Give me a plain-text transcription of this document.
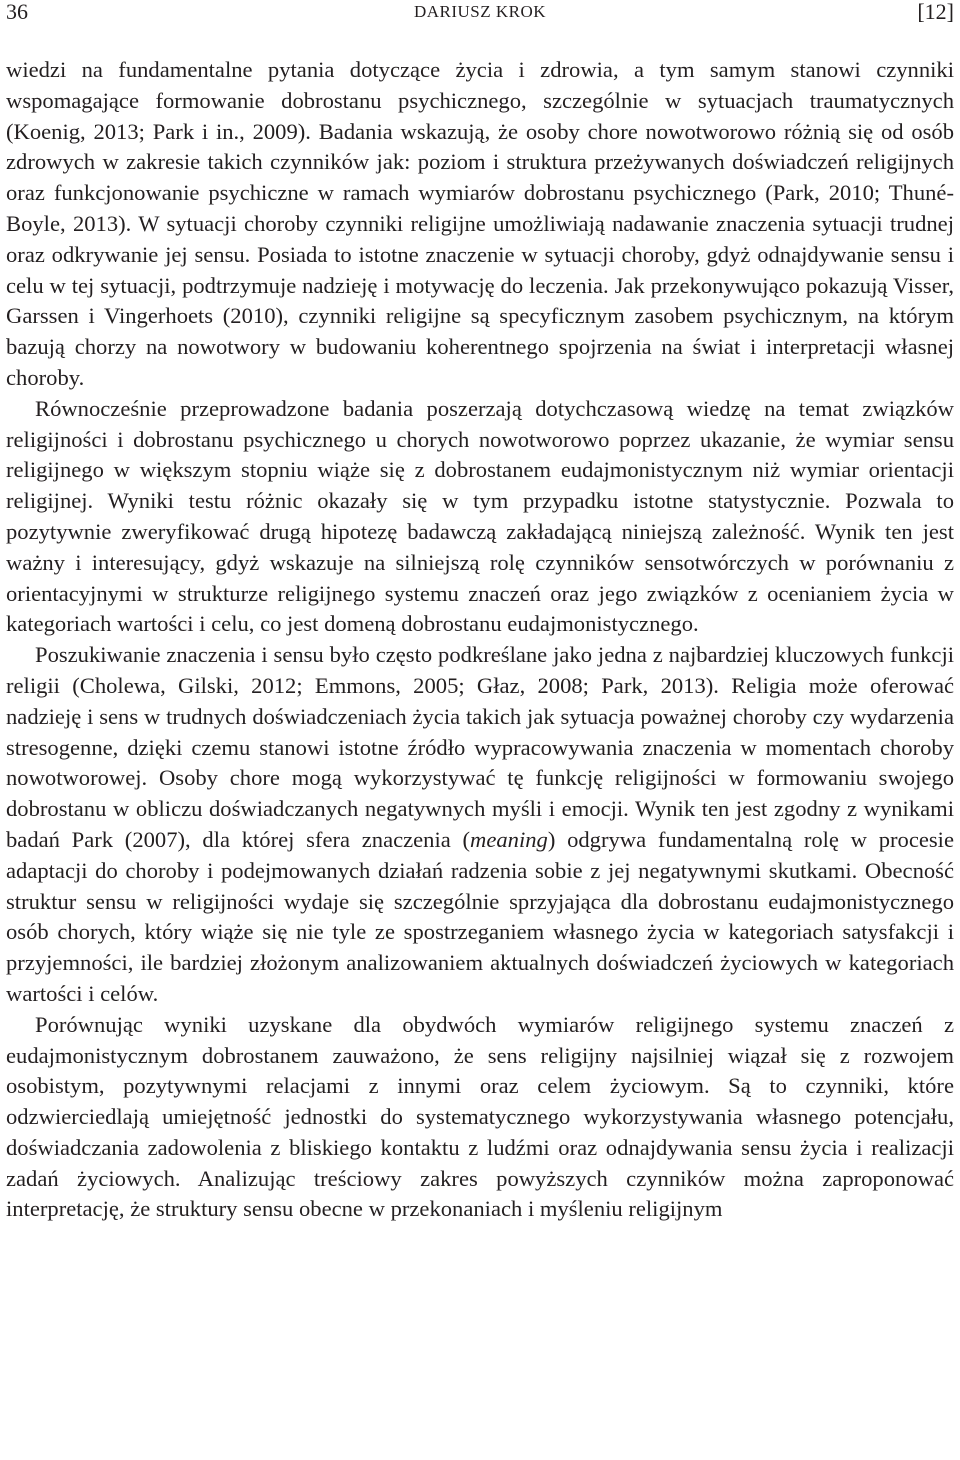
36	DARIUSZ KROK	[12]

wiedzi na fundamentalne pytania dotyczące życia i zdrowia, a tym samym stanowi czynniki wspomagające formowanie dobrostanu psychicznego, szczególnie w sytuacjach traumatycznych (Koenig, 2013; Park i in., 2009). Badania wskazują, że osoby chore nowotworowo różnią się od osób zdrowych w zakresie takich czynników jak: poziom i struktura przeżywanych doświadczeń religijnych oraz funkcjonowanie psychiczne w ramach wymiarów dobrostanu psychicznego (Park, 2010; Thuné-Boyle, 2013). W sytuacji choroby czynniki religijne umożliwiają nadawanie znaczenia sytuacji trudnej oraz odkrywanie jej sensu. Posiada to istotne znaczenie w sytuacji choroby, gdyż odnajdywanie sensu i celu w tej sytuacji, podtrzymuje nadzieję i motywację do leczenia. Jak przekonywująco pokazują Visser, Garssen i Vingerhoets (2010), czynniki religijne są specyficznym zasobem psychicznym, na którym bazują chorzy na nowotwory w budowaniu koherentnego spojrzenia na świat i interpretacji własnej choroby.

Równocześnie przeprowadzone badania poszerzają dotychczasową wiedzę na temat związków religijności i dobrostanu psychicznego u chorych nowotworowo poprzez ukazanie, że wymiar sensu religijnego w większym stopniu wiąże się z dobrostanem eudajmonistycznym niż wymiar orientacji religijnej. Wyniki testu różnic okazały się w tym przypadku istotne statystycznie. Pozwala to pozytywnie zweryfikować drugą hipotezę badawczą zakładającą niniejszą zależność. Wynik ten jest ważny i interesujący, gdyż wskazuje na silniejszą rolę czynników sensotwórczych w porównaniu z orientacyjnymi w strukturze religijnego systemu znaczeń oraz jego związków z ocenianiem życia w kategoriach wartości i celu, co jest domeną dobrostanu eudajmonistycznego.

Poszukiwanie znaczenia i sensu było często podkreślane jako jedna z najbardziej kluczowych funkcji religii (Cholewa, Gilski, 2012; Emmons, 2005; Głaz, 2008; Park, 2013). Religia może oferować nadzieję i sens w trudnych doświadczeniach życia takich jak sytuacja poważnej choroby czy wydarzenia stresogenne, dzięki czemu stanowi istotne źródło wypracowywania znaczenia w momentach choroby nowotworowej. Osoby chore mogą wykorzystywać tę funkcję religijności w formowaniu swojego dobrostanu w obliczu doświadczanych negatywnych myśli i emocji. Wynik ten jest zgodny z wynikami badań Park (2007), dla której sfera znaczenia (meaning) odgrywa fundamentalną rolę w procesie adaptacji do choroby i podejmowanych działań radzenia sobie z jej negatywnymi skutkami. Obecność struktur sensu w religijności wydaje się szczególnie sprzyjająca dla dobrostanu eudajmonistycznego osób chorych, który wiąże się nie tyle ze spostrzeganiem własnego życia w kategoriach satysfakcji i przyjemności, ile bardziej złożonym analizowaniem aktualnych doświadczeń życiowych w kategoriach wartości i celów.

Porównując wyniki uzyskane dla obydwóch wymiarów religijnego systemu znaczeń z eudajmonistycznym dobrostanem zauważono, że sens religijny najsilniej wiązał się z rozwojem osobistym, pozytywnymi relacjami z innymi oraz celem życiowym. Są to czynniki, które odzwierciedlają umiejętność jednostki do systematycznego wykorzystywania własnego potencjału, doświadczania zadowolenia z bliskiego kontaktu z ludźmi oraz odnajdywania sensu życia i realizacji zadań życiowych. Analizując treściowy zakres powyższych czynników można zaproponować interpretację, że struktury sensu obecne w przekonaniach i myśleniu religijnym
